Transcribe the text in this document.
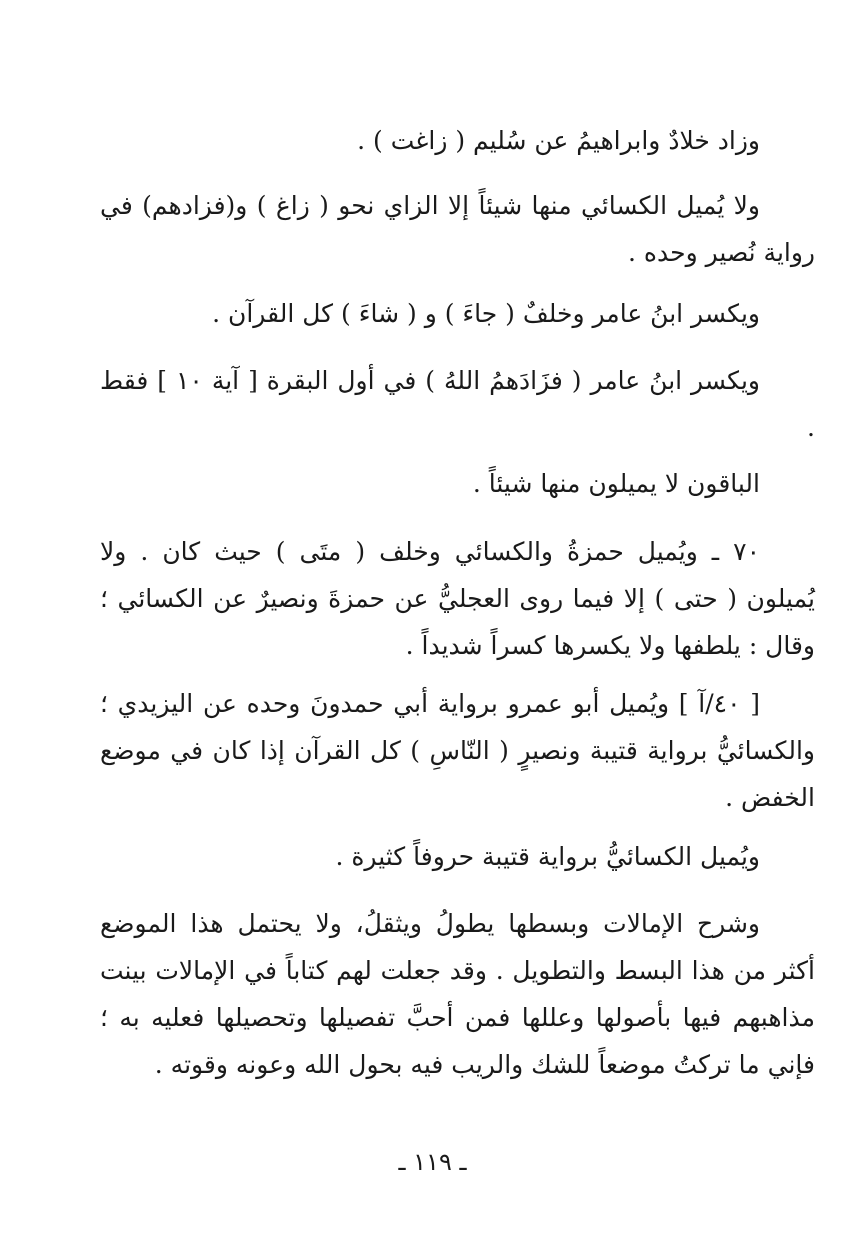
وزاد خلادٌ وابراهيمُ عن سُليم ( زاغت ) .

ولا يُميل الكسائي منها شيئاً إلا الزاي نحو ( زاغ ) و(فزادهم) في رواية نُصير وحده .

ويكسر ابنُ عامر وخلفٌ ( جاءَ ) و ( شاءَ ) كل القرآن .

ويكسر ابنُ عامر ( فزَادَهمُ اللهُ ) في أول البقرة [ آية ١٠ ] فقط .

الباقون لا يميلون منها شيئاً .

٧٠ ـ ويُميل حمزةُ والكسائي وخلف ( متَى ) حيث كان . ولا يُميلون ( حتى ) إلا فيما روى العجليُّ عن حمزةَ ونصيرٌ عن الكسائي ؛ وقال : يلطفها ولا يكسرها كسراً شديداً .

[ ٤٠/آ ] ويُميل أبو عمرو برواية أبي حمدونَ وحده عن اليزيدي ؛ والكسائيُّ برواية قتيبة ونصيرٍ ( النّاسِ ) كل القرآن إذا كان في موضع الخفض .

ويُميل الكسائيُّ برواية قتيبة حروفاً كثيرة .

وشرح الإمالات وبسطها يطولُ ويثقلُ، ولا يحتمل هذا الموضع أكثر من هذا البسط والتطويل . وقد جعلت لهم كتاباً في الإمالات بينت مذاهبهم فيها بأصولها وعللها فمن أحبَّ تفصيلها وتحصيلها فعليه به ؛ فإني ما تركتُ موضعاً للشك والريب فيه بحول الله وعونه وقوته .

ـ ١١٩ ـ
